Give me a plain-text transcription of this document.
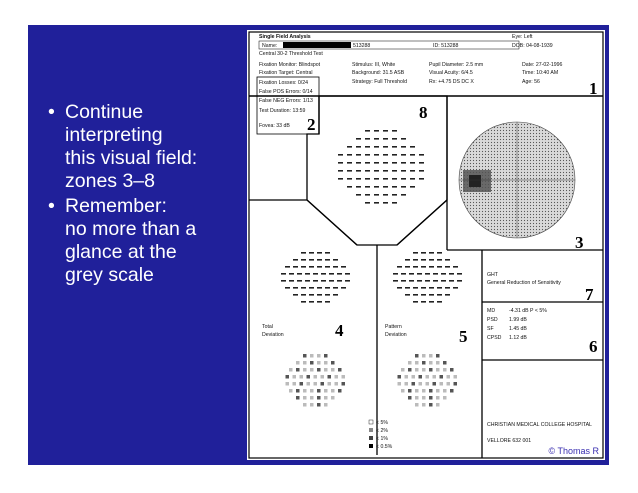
• Continue
interpreting
this visual field:
zones 3–8
• Remember:
no more than a
glance at the
grey scale
Single Field Analysis	Eye: Left
Name:	513288	ID: 513288	DOB: 04-08-1939
Central 30-2 Threshold Test
Fixation Monitor: Blindspot
Fixation Target: Central
Fixation Losses: 0/24
False POS Errors: 0/14
False NEG Errors: 1/13
Test Duration: 13:59
Fovea: 33 dB
Stimulus: III, White
Background: 31.5 ASB
Strategy: Full Threshold
Pupil Diameter: 2.5 mm
Visual Acuity: 6/4.5
Rx: +4.75 DS DC X
Date: 27-02-1996
Time: 10:40 AM
Age: 56
Total
Deviation
Pattern
Deviation
< 5%
< 2%
< 1%
< 0.5%
GHT
General Reduction of Sensitivity
MD	-4.31 dB P < 5%
PSD 1.99 dB
SF	1.45 dB
CPSD 1.12 dB
CHRISTIAN MEDICAL COLLEGE HOSPITAL
VELLORE 632 001
1
2
3
4	5
6
7
8
© Thomas R
